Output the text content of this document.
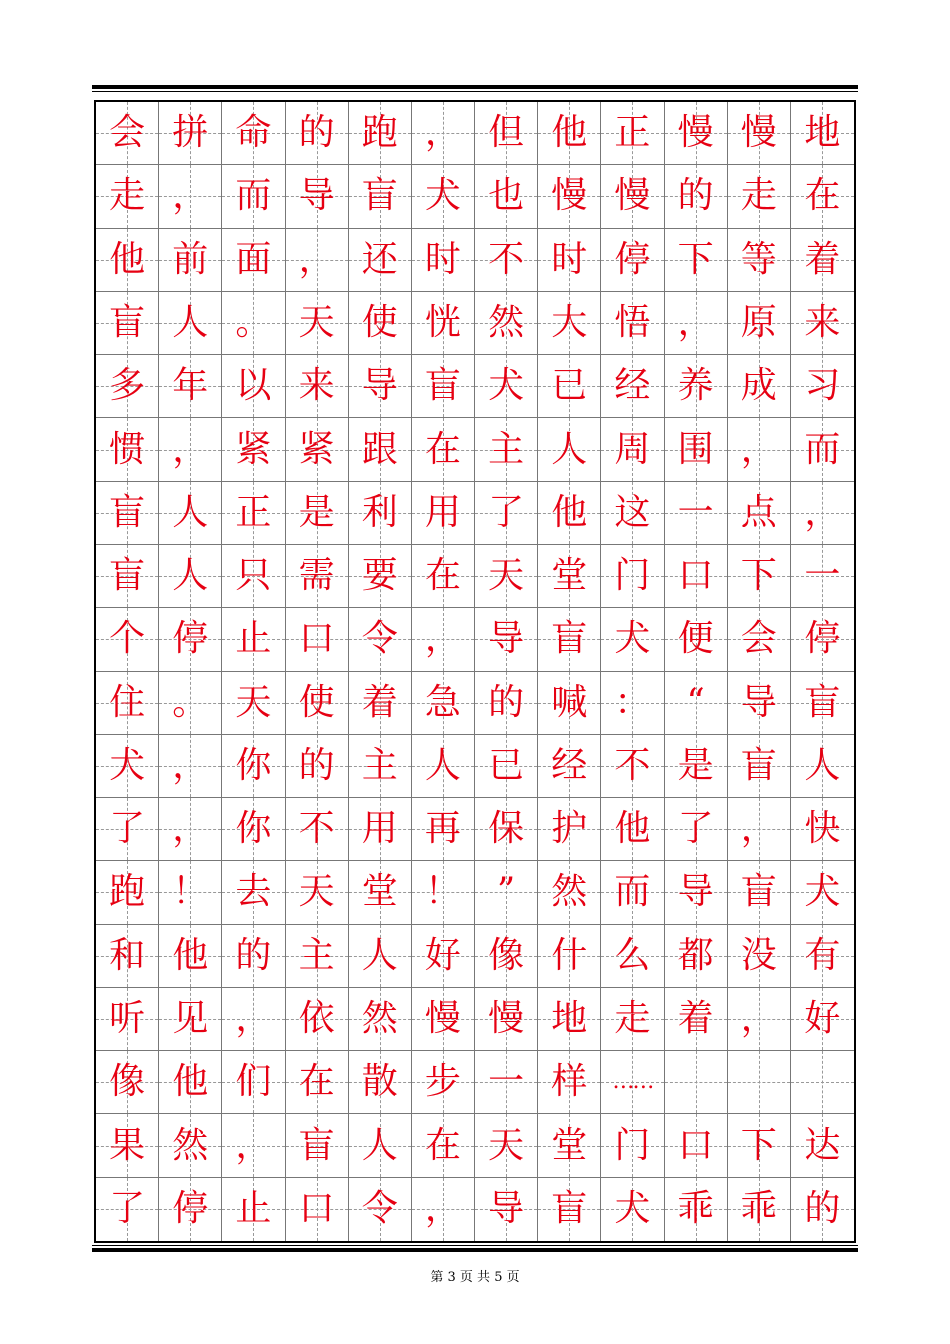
会 拼 命 的 跑 ， 但 他 正 慢 慢 地
走 ， 而 导 盲 犬 也 慢 慢 的 走 在
他 前 面 ， 还 时 不 时 停 下 等 着
盲 人 。 天 使 恍 然 大 悟 ， 原 来
多 年 以 来 导 盲 犬 已 经 养 成 习
惯 ， 紧 紧 跟 在 主 人 周 围 ， 而
盲 人 正 是 利 用 了 他 这 一 点 ，
盲 人 只 需 要 在 天 堂 门 口 下 一
个 停 止 口 令 ， 导 盲 犬 便 会 停
住 。 天 使 着 急 的 喊 ： “ 导 盲
犬 ， 你 的 主 人 已 经 不 是 盲 人
了 ， 你 不 用 再 保 护 他 了 ， 快
跑 ！ 去 天 堂 ！ ” 然 而 导 盲 犬
和 他 的 主 人 好 像 什 么 都 没 有
听 见 ， 依 然 慢 慢 地 走 着 ， 好
像 他 们 在 散 步 一 样 ……
果 然 ， 盲 人 在 天 堂 门 口 下 达
了 停 止 口 令 ， 导 盲 犬 乖 乖 的
第 3 页 共 5 页
